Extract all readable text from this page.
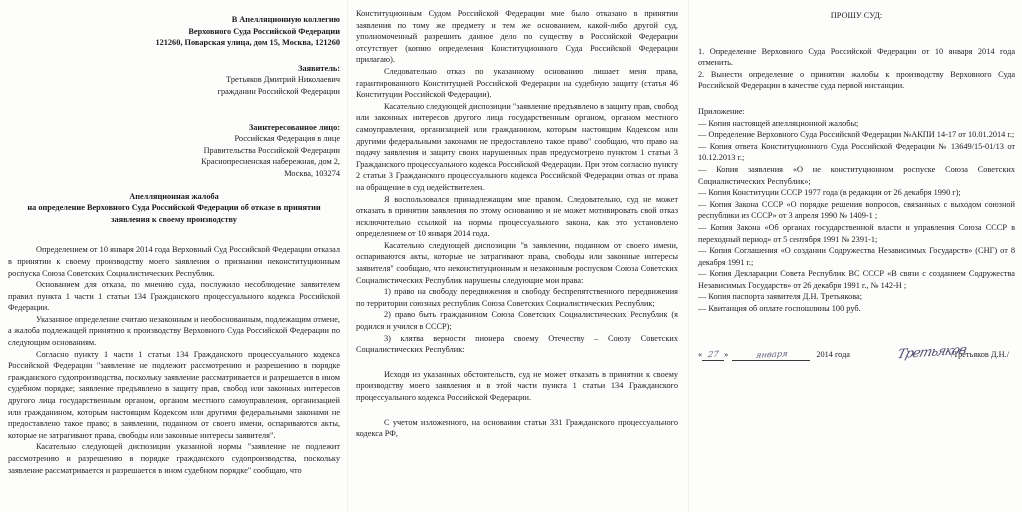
В Апелляционную коллегию
Верховного Суда Российской Федерации
121260, Поварская улица, дом 15, Москва, 121260
Заявитель:
Третьяков Дмитрий Николаевич
гражданин Российской Федерации
Заинтересованное лицо:
Российская Федерация в лице
Правительства Российской Федерации
Краснопресненская набережная, дом 2,
Москва, 103274
Апелляционная жалоба
на определение Верховного Суда Российской Федерации об отказе в принятии
заявления к своему производству

Определением от 10 января 2014 года Верховный Суд Российской Федерации отказал в принятии к своему производству моего заявления о признании неконституционным роспуска Союза Советских Социалистических Республик.

Основанием для отказа, по мнению суда, послужило несоблюдение заявителем правил пункта 1 части 1 статьи 134 Гражданского процессуального кодекса Российской Федерации.

Указанное определение считаю незаконным и необоснованным, подлежащим отмене, а жалоба подлежащей принятию к производству Верховного Суда Российской Федерации по следующим основаниям.

Согласно пункту 1 части 1 статьи 134 Гражданского процессуального кодекса Российской Федерации "заявление не подлежит рассмотрению и разрешению в порядке гражданского судопроизводства, поскольку заявление рассматривается и разрешается в ином судебном порядке; заявление предъявлено в защиту прав, свобод или законных интересов другого лица государственным органом, органом местного самоуправления, организацией или гражданином, которым настоящим Кодексом или другими федеральными законами не предоставлено такое право; в заявлении, поданном от своего имени, оспариваются акты, которые не затрагивают права, свободы или законные интересы заявителя".

Касательно следующей диспозиции указанной нормы "заявление не подлежит рассмотрению и разрешению в порядке гражданского судопроизводства, поскольку заявление рассматривается и разрешается в ином судебном порядке" сообщаю, что

Конституционным Судом Российской Федерации мне было отказано в принятии заявления по тому же предмету и тем же основанием, какой-либо другой суд, уполномоченный разрешить данное дело по существу в Российской Федерации отсутствует (копию определения Конституционного Суда Российской Федерации прилагаю).

Следовательно отказ по указанному основанию лишает меня права, гарантированного Конституцией Российской Федерации на судебную защиту (статья 46 Конституции Российской Федерации).

Касательно следующей диспозиции "заявление предъявлено в защиту прав, свобод или законных интересов другого лица государственным органом, органом местного самоуправления, организацией или гражданином, которым настоящим Кодексом или другими федеральными законами не предоставлено такое право" сообщаю, что право на подачу заявления и защиту своих нарушенных прав предусмотрено пунктом 1 статьи 3 Гражданского процессуального кодекса Российской Федерации. При этом согласно пункту 2 статьи 3 Гражданского процессуального кодекса Российской Федерации отказ от права на обращение в суд недействителен.

Я воспользовался принадлежащим мне правом. Следовательно, суд не может отказать в принятии заявления по этому основанию и не может мотивировать свой отказ исключительно ссылкой на нормы процессуального закона, как это установлено определением от 10 января 2014 года.

Касательно следующей диспозиции "в заявлении, поданном от своего имени, оспариваются акты, которые не затрагивают права, свободы или законные интересы заявителя" сообщаю, что неконституционным и незаконным роспуском Союза Советских Социалистических Республик нарушены следующие мои права:

1) право на свободу передвижения и свободу беспрепятственного передвижения по территории союзных республик Союза Советских Социалистических Республик;

2) право быть гражданином Союза Советских Социалистических Республик (я родился и учился в СССР);

3) клятва верности пионера своему Отечеству – Союзу Советских Социалистических Республик:

Исходя из указанных обстоятельств, суд не может отказать в принятии к своему производству моего заявления и в этой части пункта 1 статьи 134 Гражданского процессуального кодекса Российской Федерации.

С учетом изложенного, на основании статьи 331 Гражданского процессуального кодекса РФ,

ПРОШУ СУД:

1. Определение Верховного Суда Российской Федерации от 10 января 2014 года отменить.

2. Вынести определение о принятии жалобы к производству Верховного Суда Российской Федерации в качестве суда первой инстанции.

Приложение:

— Копия настоящей апелляционной жалобы;

— Определение Верховного Суда Российской Федерации №АКПИ 14-17 от 10.01.2014 г.;

— Копия ответа Конституционного Суда Российской Федерации № 13649/15-01/13 от 10.12.2013 г.;

— Копия заявления «О не конституционном роспуске Союза Советских Социалистических Республик»;

— Копия Конституции СССР 1977 года (в редакции от 26 декабря 1990 г);

— Копия Закона СССР «О порядке решения вопросов, связанных с выходом союзной республики из СССР» от 3 апреля 1990 № 1409-1 ;

— Копия Закона «Об органах государственной власти и управления Союза СССР в переходный период» от 5 сентября 1991 № 2391-1;

— Копия Соглашения «О создании Содружества Независимых Государств» (СНГ) от 8 декабря 1991 г.;

— Копия Декларации Совета Республик ВС СССР «В связи с созданием Содружества Независимых Государств» от 26 декабря 1991 г., № 142-Н ;

— Копия паспорта заявителя Д.Н. Третьякова;

— Квитанция об оплате госпошлины 100 руб.

« 27 »	января	2014 года	Третьяков/Третьяков Д.Н./
